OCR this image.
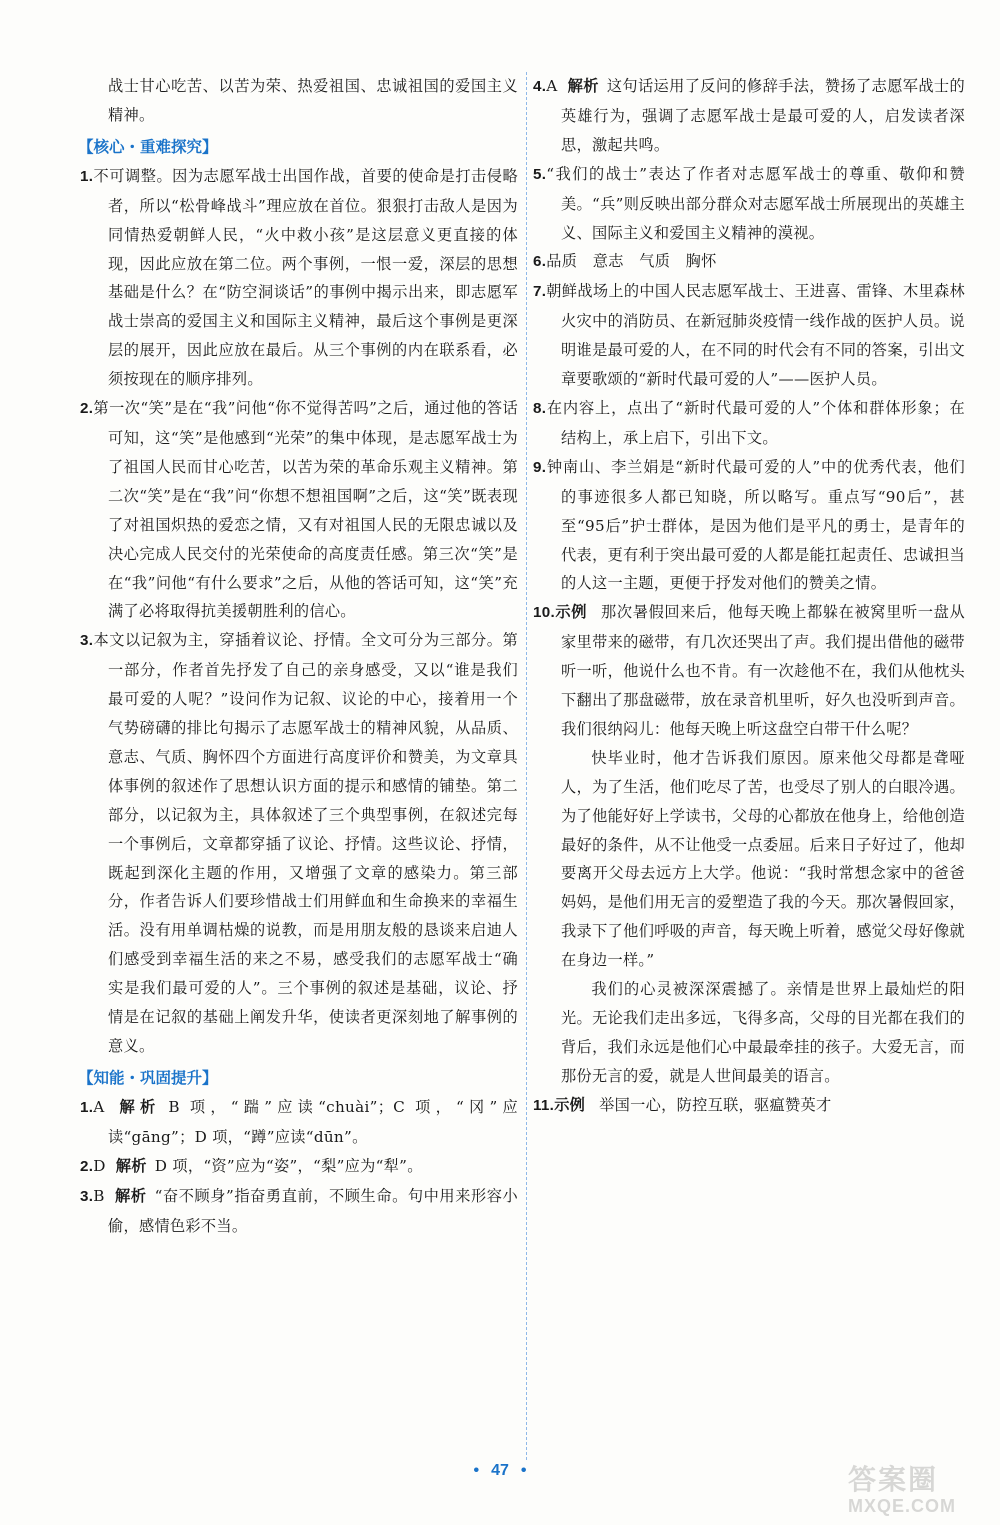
战士甘心吃苦、以苦为荣、热爱祖国、忠诚祖国的爱国主义精神。

【核心・重难探究】
1.不可调整。因为志愿军战士出国作战，首要的使命是打击侵略者，所以“松骨峰战斗”理应放在首位。狠狠打击敌人是因为同情热爱朝鲜人民，“火中救小孩”是这层意义更直接的体现，因此应放在第二位。两个事例，一恨一爱，深层的思想基础是什么？在“防空洞谈话”的事例中揭示出来，即志愿军战士崇高的爱国主义和国际主义精神，最后这个事例是更深层的展开，因此应放在最后。从三个事例的内在联系看，必须按现在的顺序排列。
2.第一次“笑”是在“我”问他“你不觉得苦吗”之后，通过他的答话可知，这“笑”是他感到“光荣”的集中体现，是志愿军战士为了祖国人民而甘心吃苦，以苦为荣的革命乐观主义精神。第二次“笑”是在“我”问“你想不想祖国啊”之后，这“笑”既表现了对祖国炽热的爱恋之情，又有对祖国人民的无限忠诚以及决心完成人民交付的光荣使命的高度责任感。第三次“笑”是在“我”问他“有什么要求”之后，从他的答话可知，这“笑”充满了必将取得抗美援朝胜利的信心。
3.本文以记叙为主，穿插着议论、抒情。全文可分为三部分。第一部分，作者首先抒发了自己的亲身感受，又以“谁是我们最可爱的人呢？”设问作为记叙、议论的中心，接着用一个气势磅礴的排比句揭示了志愿军战士的精神风貌，从品质、意志、气质、胸怀四个方面进行高度评价和赞美，为文章具体事例的叙述作了思想认识方面的提示和感情的铺垫。第二部分，以记叙为主，具体叙述了三个典型事例，在叙述完每一个事例后，文章都穿插了议论、抒情。这些议论、抒情，既起到深化主题的作用，又增强了文章的感染力。第三部分，作者告诉人们要珍惜战士们用鲜血和生命换来的幸福生活。没有用单调枯燥的说教，而是用朋友般的恳谈来启迪人们感受到幸福生活的来之不易，感受我们的志愿军战士“确实是我们最可爱的人”。三个事例的叙述是基础，议论、抒情是在记叙的基础上阐发升华，使读者更深刻地了解事例的意义。
【知能・巩固提升】
1.A 解析 B 项，“踹”应读“chuài”；C 项，“冈”应读“gāng”；D 项，“蹲”应读“dūn”。
2.D 解析 D 项，“资”应为“姿”，“梨”应为“犁”。
3.B 解析 “奋不顾身”指奋勇直前，不顾生命。句中用来形容小偷，感情色彩不当。
4.A 解析 这句话运用了反问的修辞手法，赞扬了志愿军战士的英雄行为，强调了志愿军战士是最可爱的人，启发读者深思，激起共鸣。
5.“我们的战士”表达了作者对志愿军战士的尊重、敬仰和赞美。“兵”则反映出部分群众对志愿军战士所展现出的英雄主义、国际主义和爱国主义精神的漠视。
6.品质　意志　气质　胸怀
7.朝鲜战场上的中国人民志愿军战士、王进喜、雷锋、木里森林火灾中的消防员、在新冠肺炎疫情一线作战的医护人员。说明谁是最可爱的人，在不同的时代会有不同的答案，引出文章要歌颂的“新时代最可爱的人”——医护人员。
8.在内容上，点出了“新时代最可爱的人”个体和群体形象；在结构上，承上启下，引出下文。
9.钟南山、李兰娟是“新时代最可爱的人”中的优秀代表，他们的事迹很多人都已知晓，所以略写。重点写“90后”，甚至“95后”护士群体，是因为他们是平凡的勇士，是青年的代表，更有利于突出最可爱的人都是能扛起责任、忠诚担当的人这一主题，更便于抒发对他们的赞美之情。
10.示例 那次暑假回来后，他每天晚上都躲在被窝里听一盘从家里带来的磁带，有几次还哭出了声。我们提出借他的磁带听一听，他说什么也不肯。有一次趁他不在，我们从他枕头下翻出了那盘磁带，放在录音机里听，好久也没听到声音。我们很纳闷儿：他每天晚上听这盘空白带干什么呢？

快毕业时，他才告诉我们原因。原来他父母都是聋哑人，为了生活，他们吃尽了苦，也受尽了别人的白眼冷遇。为了他能好好上学读书，父母的心都放在他身上，给他创造最好的条件，从不让他受一点委屈。后来日子好过了，他却要离开父母去远方上大学。他说：“我时常想念家中的爸爸妈妈，是他们用无言的爱塑造了我的今天。那次暑假回家，我录下了他们呼吸的声音，每天晚上听着，感觉父母好像就在身边一样。”

我们的心灵被深深震撼了。亲情是世界上最灿烂的阳光。无论我们走出多远，飞得多高，父母的目光都在我们的背后，我们永远是他们心中最最牵挂的孩子。大爱无言，而那份无言的爱，就是人世间最美的语言。

11.示例 举国一心，防控互联，驱瘟赞英才
• 47 •	答案圈
MXQE.COM
